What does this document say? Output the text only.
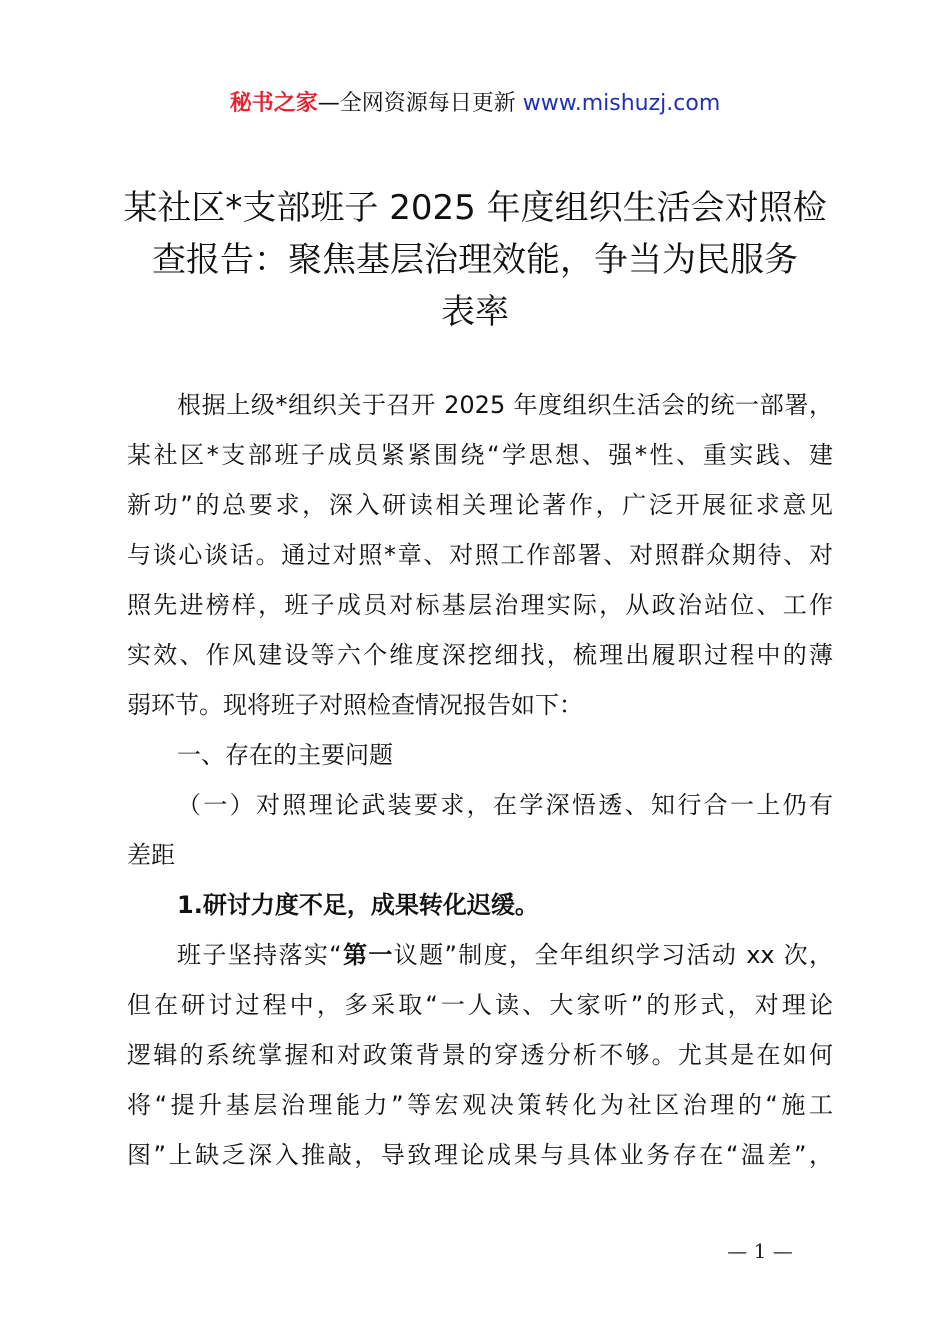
秘书之家—全网资源每日更新 www.mishuzj.com
某社区*支部班子 2025 年度组织生活会对照检
查报告：聚焦基层治理效能，争当为民服务
表率
根据上级*组织关于召开 2025 年度组织生活会的统一部署，
某社区*支部班子成员紧紧围绕“学思想、强*性、重实践、建
新功”的总要求，深入研读相关理论著作，广泛开展征求意见
与谈心谈话。通过对照*章、对照工作部署、对照群众期待、对
照先进榜样，班子成员对标基层治理实际，从政治站位、工作
实效、作风建设等六个维度深挖细找，梳理出履职过程中的薄
弱环节。现将班子对照检查情况报告如下：
一、存在的主要问题
（一）对照理论武装要求，在学深悟透、知行合一上仍有
差距
1.研讨力度不足，成果转化迟缓。
班子坚持落实“第一议题”制度，全年组织学习活动 xx 次，
但在研讨过程中，多采取“一人读、大家听”的形式，对理论
逻辑的系统掌握和对政策背景的穿透分析不够。尤其是在如何
将“提升基层治理能力”等宏观决策转化为社区治理的“施工
图”上缺乏深入推敲，导致理论成果与具体业务存在“温差”，
— 1 —
